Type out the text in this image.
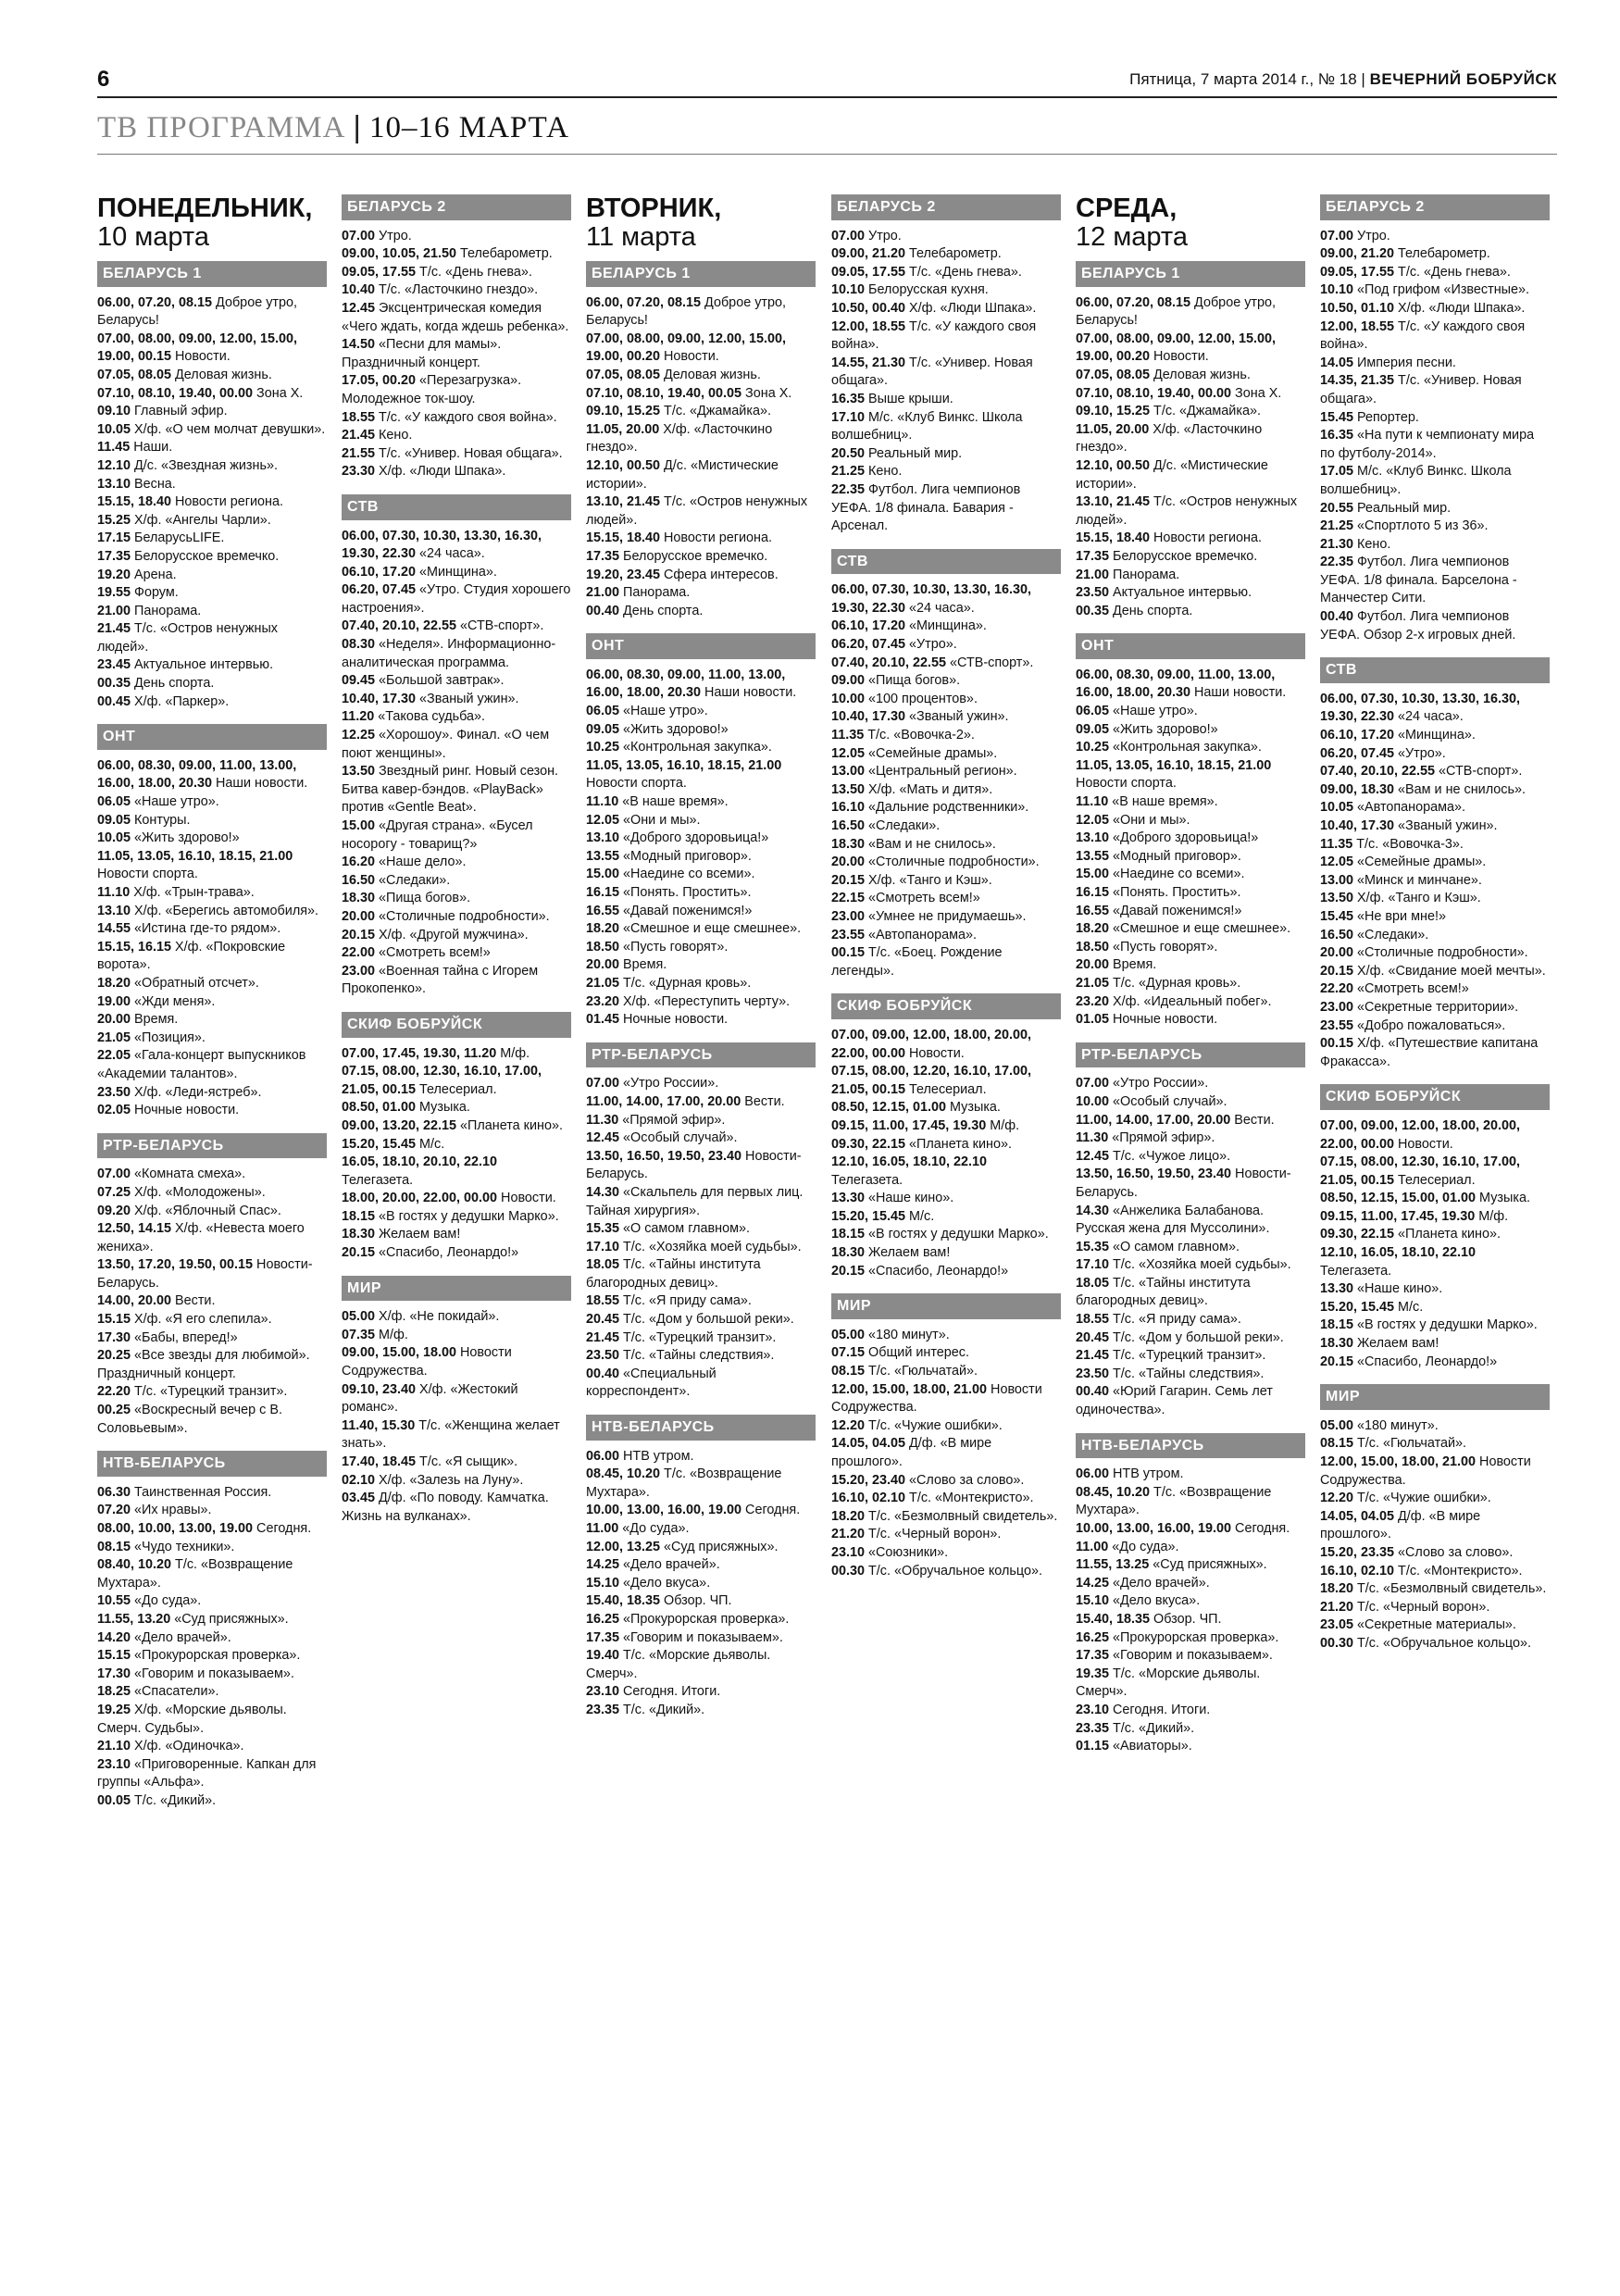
6	Пятница, 7 марта 2014 г., № 18 | ВЕЧЕРНИЙ БОБРУЙСК
ТВ ПРОГРАММА | 10–16 МАРТА
ПОНЕДЕЛЬНИК,
10 марта
БЕЛАРУСЬ 1
06.00, 07.20, 08.15 Доброе утро, Беларусь!
07.00, 08.00, 09.00, 12.00, 15.00, 19.00, 00.15 Новости.
07.05, 08.05 Деловая жизнь.
07.10, 08.10, 19.40, 00.00 Зона Х.
09.10 Главный эфир.
10.05 Х/ф. «О чем молчат девушки».
11.45 Наши.
12.10 Д/с. «Звездная жизнь».
13.10 Весна.
15.15, 18.40 Новости региона.
15.25 Х/ф. «Ангелы Чарли».
17.15 БеларусьLIFE.
17.35 Белорусское времечко.
19.20 Арена.
19.55 Форум.
21.00 Панорама.
21.45 Т/с. «Остров ненужных людей».
23.45 Актуальное интервью.
00.35 День спорта.
00.45 Х/ф. «Паркер».
ОНТ
06.00, 08.30, 09.00, 11.00, 13.00, 16.00, 18.00, 20.30 Наши новости.
06.05 «Наше утро».
09.05 Контуры.
10.05 «Жить здорово!»
11.05, 13.05, 16.10, 18.15, 21.00 Новости спорта.
11.10 Х/ф. «Трын-трава».
13.10 Х/ф. «Берегись автомобиля».
14.55 «Истина где-то рядом».
15.15, 16.15 Х/ф. «Покровские ворота».
18.20 «Обратный отсчет».
19.00 «Жди меня».
20.00 Время.
21.05 «Позиция».
22.05 «Гала-концерт выпускников «Академии талантов».
23.50 Х/ф. «Леди-ястреб».
02.05 Ночные новости.
РТР-БЕЛАРУСЬ
07.00 «Комната смеха».
07.25 Х/ф. «Молодожены».
09.20 Х/ф. «Яблочный Спас».
12.50, 14.15 Х/ф. «Невеста моего жениха».
13.50, 17.20, 19.50, 00.15 Новости-Беларусь.
14.00, 20.00 Вести.
15.15 Х/ф. «Я его слепила».
17.30 «Бабы, вперед!»
20.25 «Все звезды для любимой». Праздничный концерт.
22.20 Т/с. «Турецкий транзит».
00.25 «Воскресный вечер с В. Соловьевым».
НТВ-БЕЛАРУСЬ
06.30 Таинственная Россия.
07.20 «Их нравы».
08.00, 10.00, 13.00, 19.00 Сегодня.
08.15 «Чудо техники».
08.40, 10.20 Т/с. «Возвращение Мухтара».
10.55 «До суда».
11.55, 13.20 «Суд присяжных».
14.20 «Дело врачей».
15.15 «Прокурорская проверка».
17.30 «Говорим и показываем».
18.25 «Спасатели».
19.25 Х/ф. «Морские дьяволы. Смерч. Судьбы».
21.10 Х/ф. «Одиночка».
23.10 «Приговоренные. Капкан для группы «Альфа».
00.05 Т/с. «Дикий».
БЕЛАРУСЬ 2
07.00 Утро.
09.00, 10.05, 21.50 Телебарометр.
09.05, 17.55 Т/с. «День гнева».
10.40 Т/с. «Ласточкино гнездо».
12.45 Эксцентрическая комедия «Чего ждать, когда ждешь ребенка».
14.50 «Песни для мамы». Праздничный концерт.
17.05, 00.20 «Перезагрузка». Молодежное ток-шоу.
18.55 Т/с. «У каждого своя война».
21.45 Кено.
21.55 Т/с. «Универ. Новая общага».
23.30 Х/ф. «Люди Шпака».
СТВ
06.00, 07.30, 10.30, 13.30, 16.30, 19.30, 22.30 «24 часа».
06.10, 17.20 «Минщина».
06.20, 07.45 «Утро. Студия хорошего настроения».
07.40, 20.10, 22.55 «СТВ-спорт».
08.30 «Неделя». Информационно-аналитическая программа.
09.45 «Большой завтрак».
10.40, 17.30 «Званый ужин».
11.20 «Такова судьба».
12.25 «Хорошоу». Финал. «О чем поют женщины».
13.50 Звездный ринг. Новый сезон. Битва кавер-бэндов. «PlayBack» против «Gentle Beat».
15.00 «Другая страна». «Бусел носорогу - товарищ?»
16.20 «Наше дело».
16.50 «Следаки».
18.30 «Пища богов».
20.00 «Столичные подробности».
20.15 Х/ф. «Другой мужчина».
22.00 «Смотреть всем!»
23.00 «Военная тайна с Игорем Прокопенко».
СКИФ БОБРУЙСК
07.00, 17.45, 19.30, 11.20 М/ф.
07.15, 08.00, 12.30, 16.10, 17.00, 21.05, 00.15 Телесериал.
08.50, 01.00 Музыка.
09.00, 13.20, 22.15 «Планета кино».
15.20, 15.45 М/с.
16.05, 18.10, 20.10, 22.10 Телегазета.
18.00, 20.00, 22.00, 00.00 Новости.
18.15 «В гостях у дедушки Марко».
18.30 Желаем вам!
20.15 «Спасибо, Леонардо!»
МИР
05.00 Х/ф. «Не покидай».
07.35 М/ф.
09.00, 15.00, 18.00 Новости Содружества.
09.10, 23.40 Х/ф. «Жестокий романс».
11.40, 15.30 Т/с. «Женщина желает знать».
17.40, 18.45 Т/с. «Я сыщик».
02.10 Х/ф. «Залезь на Луну».
03.45 Д/ф. «По поводу. Камчатка. Жизнь на вулканах».
ВТОРНИК,
11 марта
БЕЛАРУСЬ 1
06.00, 07.20, 08.15 Доброе утро, Беларусь!
07.00, 08.00, 09.00, 12.00, 15.00, 19.00, 00.20 Новости.
07.05, 08.05 Деловая жизнь.
07.10, 08.10, 19.40, 00.05 Зона Х.
09.10, 15.25 Т/с. «Джамайка».
11.05, 20.00 Х/ф. «Ласточкино гнездо».
12.10, 00.50 Д/с. «Мистические истории».
13.10, 21.45 Т/с. «Остров ненужных людей».
15.15, 18.40 Новости региона.
17.35 Белорусское времечко.
19.20, 23.45 Сфера интересов.
21.00 Панорама.
00.40 День спорта.
ОНТ
06.00, 08.30, 09.00, 11.00, 13.00, 16.00, 18.00, 20.30 Наши новости.
06.05 «Наше утро».
09.05 «Жить здорово!»
10.25 «Контрольная закупка».
11.05, 13.05, 16.10, 18.15, 21.00 Новости спорта.
11.10 «В наше время».
12.05 «Они и мы».
13.10 «Доброго здоровьица!»
13.55 «Модный приговор».
15.00 «Наедине со всеми».
16.15 «Понять. Простить».
16.55 «Давай поженимся!»
18.20 «Смешное и еще смешнее».
18.50 «Пусть говорят».
20.00 Время.
21.05 Т/с. «Дурная кровь».
23.20 Х/ф. «Переступить черту».
01.45 Ночные новости.
РТР-БЕЛАРУСЬ
07.00 «Утро России».
11.00, 14.00, 17.00, 20.00 Вести.
11.30 «Прямой эфир».
12.45 «Особый случай».
13.50, 16.50, 19.50, 23.40 Новости-Беларусь.
14.30 «Скальпель для первых лиц. Тайная хирургия».
15.35 «О самом главном».
17.10 Т/с. «Хозяйка моей судьбы».
18.05 Т/с. «Тайны института благородных девиц».
18.55 Т/с. «Я приду сама».
20.45 Т/с. «Дом у большой реки».
21.45 Т/с. «Турецкий транзит».
23.50 Т/с. «Тайны следствия».
00.40 «Специальный корреспондент».
НТВ-БЕЛАРУСЬ
06.00 НТВ утром.
08.45, 10.20 Т/с. «Возвращение Мухтара».
10.00, 13.00, 16.00, 19.00 Сегодня.
11.00 «До суда».
12.00, 13.25 «Суд присяжных».
14.25 «Дело врачей».
15.10 «Дело вкуса».
15.40, 18.35 Обзор. ЧП.
16.25 «Прокурорская проверка».
17.35 «Говорим и показываем».
19.40 Т/с. «Морские дьяволы. Смерч».
23.10 Сегодня. Итоги.
23.35 Т/с. «Дикий».
БЕЛАРУСЬ 2
07.00 Утро.
09.00, 21.20 Телебарометр.
09.05, 17.55 Т/с. «День гнева».
10.10 Белорусская кухня.
10.50, 00.40 Х/ф. «Люди Шпака».
12.00, 18.55 Т/с. «У каждого своя война».
14.55, 21.30 Т/с. «Универ. Новая общага».
16.35 Выше крыши.
17.10 М/с. «Клуб Винкс. Школа волшебниц».
20.50 Реальный мир.
21.25 Кено.
22.35 Футбол. Лига чемпионов УЕФА. 1/8 финала. Бавария - Арсенал.
СТВ
06.00, 07.30, 10.30, 13.30, 16.30, 19.30, 22.30 «24 часа».
06.10, 17.20 «Минщина».
06.20, 07.45 «Утро».
07.40, 20.10, 22.55 «СТВ-спорт».
09.00 «Пища богов».
10.00 «100 процентов».
10.40, 17.30 «Званый ужин».
11.35 Т/с. «Вовочка-2».
12.05 «Семейные драмы».
13.00 «Центральный регион».
13.50 Х/ф. «Мать и дитя».
16.10 «Дальние родственники».
16.50 «Следаки».
18.30 «Вам и не снилось».
20.00 «Столичные подробности».
20.15 Х/ф. «Танго и Кэш».
22.15 «Смотреть всем!»
23.00 «Умнее не придумаешь».
23.55 «Автопанорама».
00.15 Т/с. «Боец. Рождение легенды».
СКИФ БОБРУЙСК
07.00, 09.00, 12.00, 18.00, 20.00, 22.00, 00.00 Новости.
07.15, 08.00, 12.20, 16.10, 17.00, 21.05, 00.15 Телесериал.
08.50, 12.15, 01.00 Музыка.
09.15, 11.00, 17.45, 19.30 М/ф.
09.30, 22.15 «Планета кино».
12.10, 16.05, 18.10, 22.10 Телегазета.
13.30 «Наше кино».
15.20, 15.45 М/с.
18.15 «В гостях у дедушки Марко».
18.30 Желаем вам!
20.15 «Спасибо, Леонардо!»
МИР
05.00 «180 минут».
07.15 Общий интерес.
08.15 Т/с. «Гюльчатай».
12.00, 15.00, 18.00, 21.00 Новости Содружества.
12.20 Т/с. «Чужие ошибки».
14.05, 04.05 Д/ф. «В мире прошлого».
15.20, 23.40 «Слово за слово».
16.10, 02.10 Т/с. «Монтекристо».
18.20 Т/с. «Безмолвный свидетель».
21.20 Т/с. «Черный ворон».
23.10 «Союзники».
00.30 Т/с. «Обручальное кольцо».
СРЕДА,
12 марта
БЕЛАРУСЬ 1
06.00, 07.20, 08.15 Доброе утро, Беларусь!
07.00, 08.00, 09.00, 12.00, 15.00, 19.00, 00.20 Новости.
07.05, 08.05 Деловая жизнь.
07.10, 08.10, 19.40, 00.00 Зона Х.
09.10, 15.25 Т/с. «Джамайка».
11.05, 20.00 Х/ф. «Ласточкино гнездо».
12.10, 00.50 Д/с. «Мистические истории».
13.10, 21.45 Т/с. «Остров ненужных людей».
15.15, 18.40 Новости региона.
17.35 Белорусское времечко.
21.00 Панорама.
23.50 Актуальное интервью.
00.35 День спорта.
ОНТ
06.00, 08.30, 09.00, 11.00, 13.00, 16.00, 18.00, 20.30 Наши новости.
06.05 «Наше утро».
09.05 «Жить здорово!»
10.25 «Контрольная закупка».
11.05, 13.05, 16.10, 18.15, 21.00 Новости спорта.
11.10 «В наше время».
12.05 «Они и мы».
13.10 «Доброго здоровьица!»
13.55 «Модный приговор».
15.00 «Наедине со всеми».
16.15 «Понять. Простить».
16.55 «Давай поженимся!»
18.20 «Смешное и еще смешнее».
18.50 «Пусть говорят».
20.00 Время.
21.05 Т/с. «Дурная кровь».
23.20 Х/ф. «Идеальный побег».
01.05 Ночные новости.
РТР-БЕЛАРУСЬ
07.00 «Утро России».
10.00 «Особый случай».
11.00, 14.00, 17.00, 20.00 Вести.
11.30 «Прямой эфир».
12.45 Т/с. «Чужое лицо».
13.50, 16.50, 19.50, 23.40 Новости-Беларусь.
14.30 «Анжелика Балабанова. Русская жена для Муссолини».
15.35 «О самом главном».
17.10 Т/с. «Хозяйка моей судьбы».
18.05 Т/с. «Тайны института благородных девиц».
18.55 Т/с. «Я приду сама».
20.45 Т/с. «Дом у большой реки».
21.45 Т/с. «Турецкий транзит».
23.50 Т/с. «Тайны следствия».
00.40 «Юрий Гагарин. Семь лет одиночества».
НТВ-БЕЛАРУСЬ
06.00 НТВ утром.
08.45, 10.20 Т/с. «Возвращение Мухтара».
10.00, 13.00, 16.00, 19.00 Сегодня.
11.00 «До суда».
11.55, 13.25 «Суд присяжных».
14.25 «Дело врачей».
15.10 «Дело вкуса».
15.40, 18.35 Обзор. ЧП.
16.25 «Прокурорская проверка».
17.35 «Говорим и показываем».
19.35 Т/с. «Морские дьяволы. Смерч».
23.10 Сегодня. Итоги.
23.35 Т/с. «Дикий».
01.15 «Авиаторы».
БЕЛАРУСЬ 2
07.00 Утро.
09.00, 21.20 Телебарометр.
09.05, 17.55 Т/с. «День гнева».
10.10 «Под грифом «Известные».
10.50, 01.10 Х/ф. «Люди Шпака».
12.00, 18.55 Т/с. «У каждого своя война».
14.05 Империя песни.
14.35, 21.35 Т/с. «Универ. Новая общага».
15.45 Репортер.
16.35 «На пути к чемпионату мира по футболу-2014».
17.05 М/с. «Клуб Винкс. Школа волшебниц».
20.55 Реальный мир.
21.25 «Спортлото 5 из 36».
21.30 Кено.
22.35 Футбол. Лига чемпионов УЕФА. 1/8 финала. Барселона - Манчестер Сити.
00.40 Футбол. Лига чемпионов УЕФА. Обзор 2-х игровых дней.
СТВ
06.00, 07.30, 10.30, 13.30, 16.30, 19.30, 22.30 «24 часа».
06.10, 17.20 «Минщина».
06.20, 07.45 «Утро».
07.40, 20.10, 22.55 «СТВ-спорт».
09.00, 18.30 «Вам и не снилось».
10.05 «Автопанорама».
10.40, 17.30 «Званый ужин».
11.35 Т/с. «Вовочка-3».
12.05 «Семейные драмы».
13.00 «Минск и минчане».
13.50 Х/ф. «Танго и Кэш».
15.45 «Не ври мне!»
16.50 «Следаки».
20.00 «Столичные подробности».
20.15 Х/ф. «Свидание моей мечты».
22.20 «Смотреть всем!»
23.00 «Секретные территории».
23.55 «Добро пожаловаться».
00.15 Х/ф. «Путешествие капитана Фракасса».
СКИФ БОБРУЙСК
07.00, 09.00, 12.00, 18.00, 20.00, 22.00, 00.00 Новости.
07.15, 08.00, 12.30, 16.10, 17.00, 21.05, 00.15 Телесериал.
08.50, 12.15, 15.00, 01.00 Музыка.
09.15, 11.00, 17.45, 19.30 М/ф.
09.30, 22.15 «Планета кино».
12.10, 16.05, 18.10, 22.10 Телегазета.
13.30 «Наше кино».
15.20, 15.45 М/с.
18.15 «В гостях у дедушки Марко».
18.30 Желаем вам!
20.15 «Спасибо, Леонардо!»
МИР
05.00 «180 минут».
08.15 Т/с. «Гюльчатай».
12.00, 15.00, 18.00, 21.00 Новости Содружества.
12.20 Т/с. «Чужие ошибки».
14.05, 04.05 Д/ф. «В мире прошлого».
15.20, 23.35 «Слово за слово».
16.10, 02.10 Т/с. «Монтекристо».
18.20 Т/с. «Безмолвный свидетель».
21.20 Т/с. «Черный ворон».
23.05 «Секретные материалы».
00.30 Т/с. «Обручальное кольцо».
